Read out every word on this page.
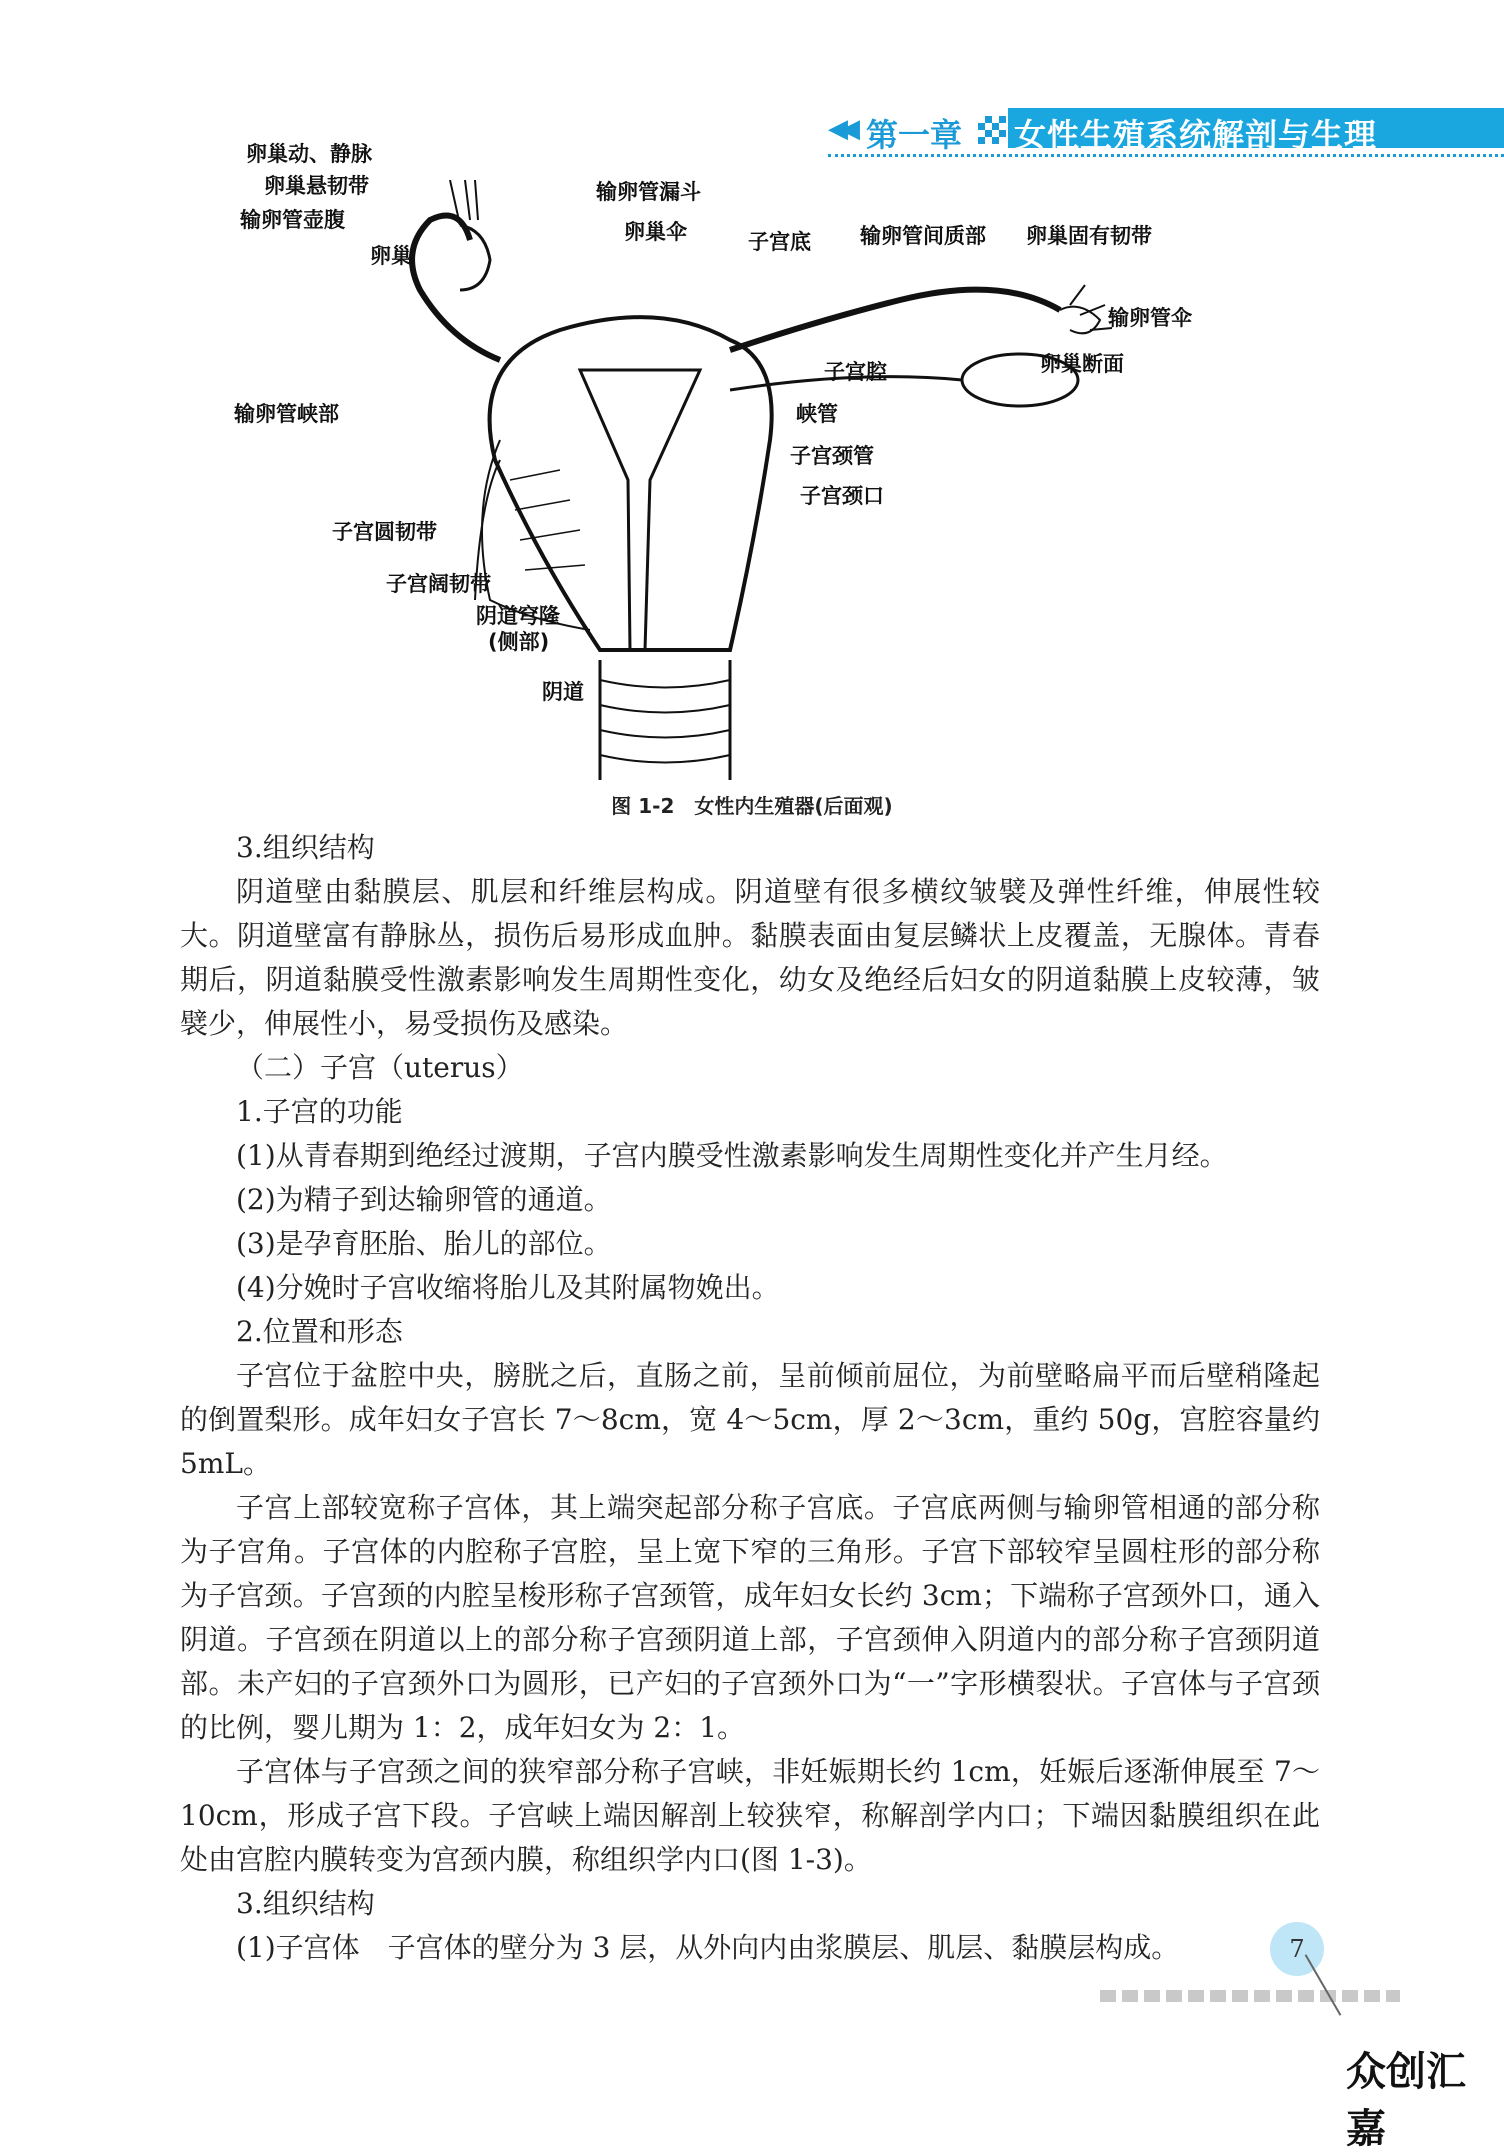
◀◀ 第一章 女性生殖系统解剖与生理
卵巢动、静脉
卵巢悬韧带
输卵管壶腹
卵巢
输卵管峡部
子宫圆韧带
子宫阔韧带
阴道穹隆
(侧部)
阴道
输卵管漏斗
卵巢伞	子宫底 输卵管间质部 卵巢固有韧带
输卵管伞
卵巢断面
子宫腔
峡管
子宫颈管
子宫颈口
图 1-2　女性内生殖器(后面观)

3.组织结构

阴道壁由黏膜层、肌层和纤维层构成。阴道壁有很多横纹皱襞及弹性纤维，伸展性较大。阴道壁富有静脉丛，损伤后易形成血肿。黏膜表面由复层鳞状上皮覆盖，无腺体。青春期后，阴道黏膜受性激素影响发生周期性变化，幼女及绝经后妇女的阴道黏膜上皮较薄，皱襞少，伸展性小，易受损伤及感染。

（二）子宫（uterus）

1.子宫的功能

(1)从青春期到绝经过渡期，子宫内膜受性激素影响发生周期性变化并产生月经。

(2)为精子到达输卵管的通道。

(3)是孕育胚胎、胎儿的部位。

(4)分娩时子宫收缩将胎儿及其附属物娩出。

2.位置和形态

子宫位于盆腔中央，膀胱之后，直肠之前，呈前倾前屈位，为前壁略扁平而后壁稍隆起的倒置梨形。成年妇女子宫长 7～8cm，宽 4～5cm，厚 2～3cm，重约 50g，宫腔容量约 5mL。

子宫上部较宽称子宫体，其上端突起部分称子宫底。子宫底两侧与输卵管相通的部分称为子宫角。子宫体的内腔称子宫腔，呈上宽下窄的三角形。子宫下部较窄呈圆柱形的部分称为子宫颈。子宫颈的内腔呈梭形称子宫颈管，成年妇女长约 3cm；下端称子宫颈外口，通入阴道。子宫颈在阴道以上的部分称子宫颈阴道上部，子宫颈伸入阴道内的部分称子宫颈阴道部。未产妇的子宫颈外口为圆形，已产妇的子宫颈外口为“一”字形横裂状。子宫体与子宫颈的比例，婴儿期为 1：2，成年妇女为 2：1。

子宫体与子宫颈之间的狭窄部分称子宫峡，非妊娠期长约 1cm，妊娠后逐渐伸展至 7～10cm，形成子宫下段。子宫峡上端因解剖上较狭窄，称解剖学内口；下端因黏膜组织在此处由宫腔内膜转变为宫颈内膜，称组织学内口(图 1-3)。

3.组织结构

(1)子宫体　子宫体的壁分为 3 层，从外向内由浆膜层、肌层、黏膜层构成。	7
众创汇嘉
